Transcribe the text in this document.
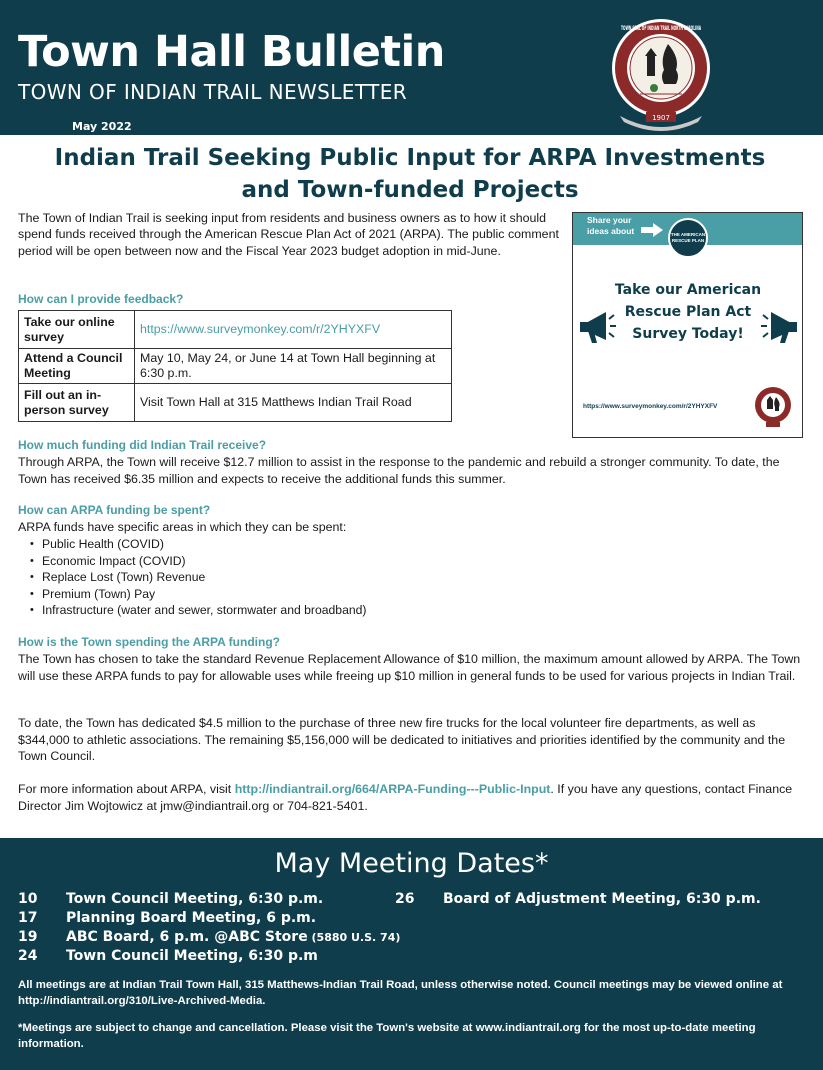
Town Hall Bulletin
TOWN OF INDIAN TRAIL NEWSLETTER
May 2022
1907
TOWN SEAL OF INDIAN TRAIL NORTH CAROLINA
Indian Trail Seeking Public Input for ARPA Investments and Town-funded Projects
The Town of Indian Trail is seeking input from residents and business owners as to how it should spend funds received through the American Rescue Plan Act of 2021 (ARPA). The public comment period will be open between now and the Fiscal Year 2023 budget adoption in mid-June.
Share your ideas about	THE AMERICAN RESCUE PLAN
Take our American Rescue Plan Act Survey Today!
https://www.surveymonkey.com/r/2YHYXFV
How can I provide feedback?
Take our online survey	https://www.surveymonkey.com/r/2YHYXFV
Attend a Council Meeting	May 10, May 24, or June 14 at Town Hall beginning at 6:30 p.m.
Fill out an in-person survey	Visit Town Hall at 315 Matthews Indian Trail Road
How much funding did Indian Trail receive?
Through ARPA, the Town will receive $12.7 million to assist in the response to the pandemic and rebuild a stronger community. To date, the Town has received $6.35 million and expects to receive the additional funds this summer.
How can ARPA funding be spent?
ARPA funds have specific areas in which they can be spent:
• Public Health (COVID)
• Economic Impact (COVID)
• Replace Lost (Town) Revenue
• Premium (Town) Pay
• Infrastructure (water and sewer, stormwater and broadband)
How is the Town spending the ARPA funding?
The Town has chosen to take the standard Revenue Replacement Allowance of $10 million, the maximum amount allowed by ARPA. The Town will use these ARPA funds to pay for allowable uses while freeing up $10 million in general funds to be used for various projects in Indian Trail.
To date, the Town has dedicated $4.5 million to the purchase of three new fire trucks for the local volunteer fire departments, as well as $344,000 to athletic associations. The remaining $5,156,000 will be dedicated to initiatives and priorities identified by the community and the Town Council.
For more information about ARPA, visit http://indiantrail.org/664/ARPA-Funding---Public-Input. If you have any questions, contact Finance Director Jim Wojtowicz at jmw@indiantrail.org or 704-821-5401.
May Meeting Dates*
10 Town Council Meeting, 6:30 p.m.
17 Planning Board Meeting, 6 p.m.
19 ABC Board, 6 p.m. @ABC Store (5880 U.S. 74)
24 Town Council Meeting, 6:30 p.m
26 Board of Adjustment Meeting, 6:30 p.m.
All meetings are at Indian Trail Town Hall, 315 Matthews-Indian Trail Road, unless otherwise noted. Council meetings may be viewed online at http://indiantrail.org/310/Live-Archived-Media.
*Meetings are subject to change and cancellation. Please visit the Town's website at www.indiantrail.org for the most up-to-date meeting information.
